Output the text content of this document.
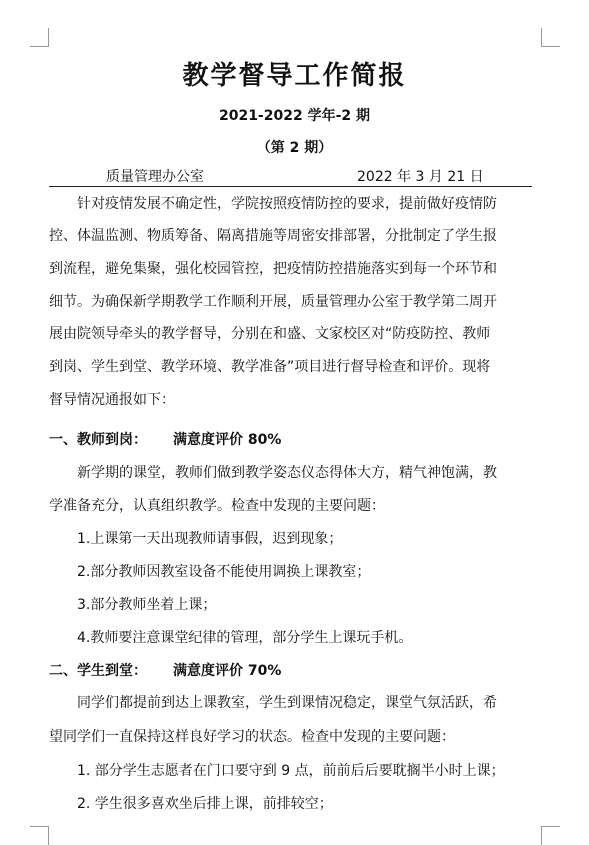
教学督导工作简报
2021-2022 学年-2 期
（第 2 期）
质量管理办公室	2022 年 3 月 21 日
针对疫情发展不确定性，学院按照疫情防控的要求，提前做好疫情防
控、体温监测、物质筹备、隔离措施等周密安排部署，分批制定了学生报
到流程，避免集聚，强化校园管控，把疫情防控措施落实到每一个环节和
细节。为确保新学期教学工作顺利开展，质量管理办公室于教学第二周开
展由院领导牵头的教学督导，分别在和盛、文家校区对“防疫防控、教师
到岗、学生到堂、教学环境、教学准备”项目进行督导检查和评价。现将
督导情况通报如下：
一、教师到岗： 满意度评价 80%
新学期的课堂，教师们做到教学姿态仪态得体大方，精气神饱满，教
学准备充分，认真组织教学。检查中发现的主要问题：
1.上课第一天出现教师请事假，迟到现象；
2.部分教师因教室设备不能使用调换上课教室；
3.部分教师坐着上课；
4.教师要注意课堂纪律的管理，部分学生上课玩手机。
二、学生到堂： 满意度评价 70%
同学们都提前到达上课教室，学生到课情况稳定，课堂气氛活跃，希
望同学们一直保持这样良好学习的状态。检查中发现的主要问题：
1. 部分学生志愿者在门口要守到 9 点，前前后后要耽搁半小时上课；
2. 学生很多喜欢坐后排上课，前排较空；
